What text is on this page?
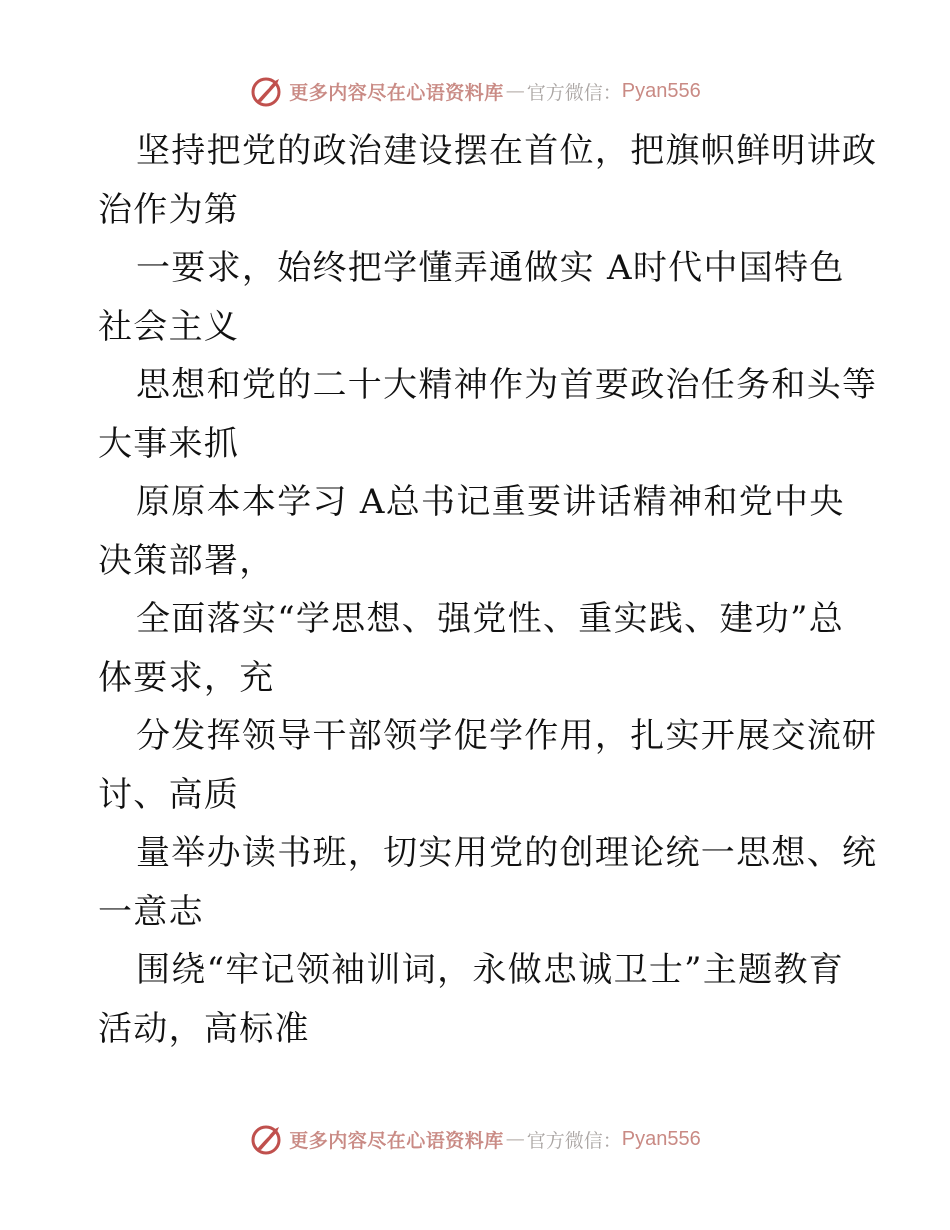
更多内容尽在心语资料库 — 官方微信： Pyan556

坚持把党的政治建设摆在首位，把旗帜鲜明讲政
治作为第

一要求，始终把学懂弄通做实 A时代中国特色
社会主义

思想和党的二十大精神作为首要政治任务和头等
大事来抓

原原本本学习 A总书记重要讲话精神和党中央
决策部署，

全面落实“学思想、强党性、重实践、建功”总
体要求，充

分发挥领导干部领学促学作用，扎实开展交流研
讨、高质

量举办读书班，切实用党的创理论统一思想、统
一意志

围绕“牢记领袖训词，永做忠诚卫士”主题教育
活动，高标准

更多内容尽在心语资料库 — 官方微信： Pyan556
